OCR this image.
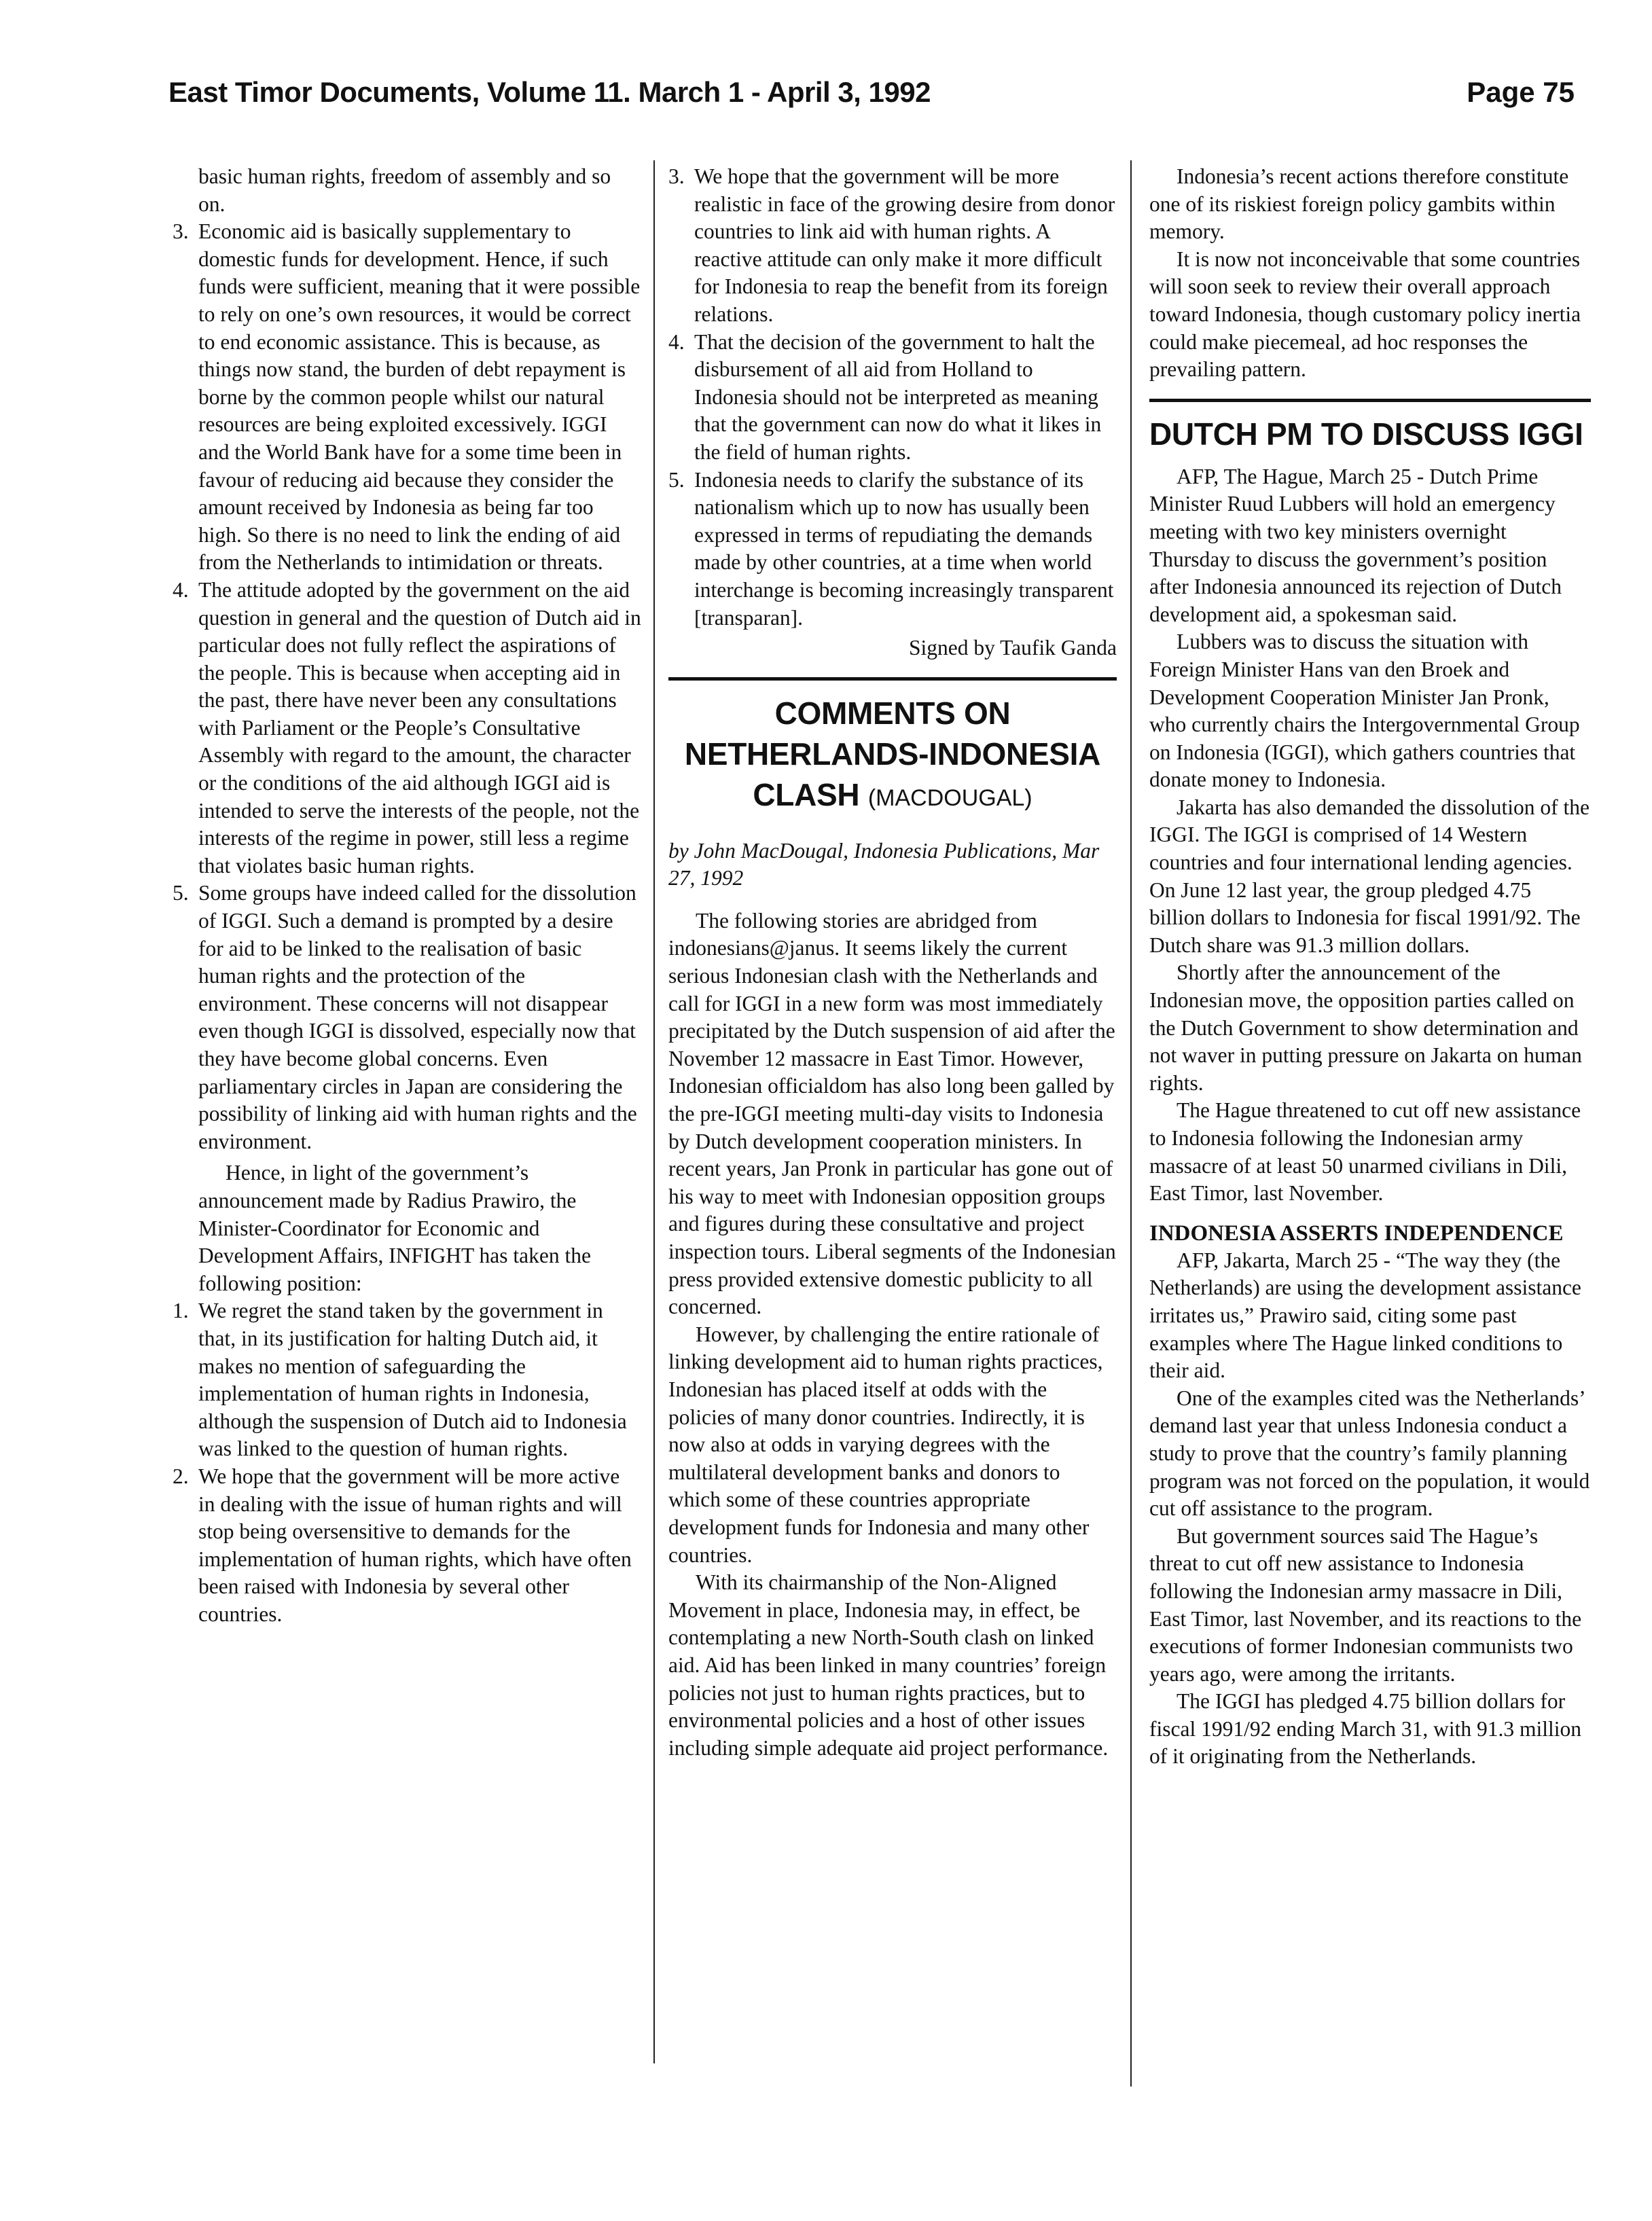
East Timor Documents, Volume 11. March 1 - April 3, 1992	Page 75

basic human rights, freedom of assembly and so on.

3. Economic aid is basically supplementary to domestic funds for development. Hence, if such funds were sufficient, meaning that it were possible to rely on one’s own resources, it would be correct to end economic assistance. This is because, as things now stand, the burden of debt repayment is borne by the common people whilst our natural resources are being exploited excessively. IGGI and the World Bank have for a some time been in favour of reducing aid because they consider the amount received by Indonesia as being far too high. So there is no need to link the ending of aid from the Netherlands to intimidation or threats.
4. The attitude adopted by the government on the aid question in general and the question of Dutch aid in particular does not fully reflect the aspirations of the people. This is because when accepting aid in the past, there have never been any consultations with Parliament or the People’s Consultative Assembly with regard to the amount, the character or the conditions of the aid although IGGI aid is intended to serve the interests of the people, not the interests of the regime in power, still less a regime that violates basic human rights.
5. Some groups have indeed called for the dissolution of IGGI. Such a demand is prompted by a desire for aid to be linked to the realisation of basic human rights and the protection of the environment. These concerns will not disappear even though IGGI is dissolved, especially now that they have become global concerns. Even parliamentary circles in Japan are considering the possibility of linking aid with human rights and the environment.

Hence, in light of the government’s announcement made by Radius Prawiro, the Minister-Coordinator for Economic and Development Affairs, INFIGHT has taken the following position:

1. We regret the stand taken by the government in that, in its justification for halting Dutch aid, it makes no mention of safeguarding the implementation of human rights in Indonesia, although the suspension of Dutch aid to Indonesia was linked to the question of human rights.
2. We hope that the government will be more active in dealing with the issue of human rights and will stop being oversensitive to demands for the implementation of human rights, which have often been raised with Indonesia by several other countries.
3. We hope that the government will be more realistic in face of the growing desire from donor countries to link aid with human rights. A reactive attitude can only make it more difficult for Indonesia to reap the benefit from its foreign relations.
4. That the decision of the government to halt the disbursement of all aid from Holland to Indonesia should not be interpreted as meaning that the government can now do what it likes in the field of human rights.
5. Indonesia needs to clarify the substance of its nationalism which up to now has usually been expressed in terms of repudiating the demands made by other countries, at a time when world interchange is becoming increasingly transparent [transparan].

Signed by Taufik Ganda

COMMENTS ON
NETHERLANDS-INDONESIA
CLASH (MACDOUGAL)

by John MacDougal, Indonesia Publications, Mar 27, 1992

The following stories are abridged from indonesians@janus. It seems likely the current serious Indonesian clash with the Netherlands and call for IGGI in a new form was most immediately precipitated by the Dutch suspension of aid after the November 12 massacre in East Timor. However, Indonesian officialdom has also long been galled by the pre-IGGI meeting multi-day visits to Indonesia by Dutch development cooperation ministers. In recent years, Jan Pronk in particular has gone out of his way to meet with Indonesian opposition groups and figures during these consultative and project inspection tours. Liberal segments of the Indonesian press provided extensive domestic publicity to all concerned.

However, by challenging the entire rationale of linking development aid to human rights practices, Indonesian has placed itself at odds with the policies of many donor countries. Indirectly, it is now also at odds in varying degrees with the multilateral development banks and donors to which some of these countries appropriate development funds for Indonesia and many other countries.

With its chairmanship of the Non-Aligned Movement in place, Indonesia may, in effect, be contemplating a new North-South clash on linked aid. Aid has been linked in many countries’ foreign policies not just to human rights practices, but to environmental policies and a host of other issues including simple adequate aid project performance.

Indonesia’s recent actions therefore constitute one of its riskiest foreign policy gambits within memory.

It is now not inconceivable that some countries will soon seek to review their overall approach toward Indonesia, though customary policy inertia could make piecemeal, ad hoc responses the prevailing pattern.

DUTCH PM TO DISCUSS IGGI

AFP, The Hague, March 25 - Dutch Prime Minister Ruud Lubbers will hold an emergency meeting with two key ministers overnight Thursday to discuss the government’s position after Indonesia announced its rejection of Dutch development aid, a spokesman said.

Lubbers was to discuss the situation with Foreign Minister Hans van den Broek and Development Cooperation Minister Jan Pronk, who currently chairs the Intergovernmental Group on Indonesia (IGGI), which gathers countries that donate money to Indonesia.

Jakarta has also demanded the dissolution of the IGGI. The IGGI is comprised of 14 Western countries and four international lending agencies. On June 12 last year, the group pledged 4.75 billion dollars to Indonesia for fiscal 1991/92. The Dutch share was 91.3 million dollars.

Shortly after the announcement of the Indonesian move, the opposition parties called on the Dutch Government to show determination and not waver in putting pressure on Jakarta on human rights.

The Hague threatened to cut off new assistance to Indonesia following the Indonesian army massacre of at least 50 unarmed civilians in Dili, East Timor, last November.

INDONESIA ASSERTS INDEPENDENCE

AFP, Jakarta, March 25 - “The way they (the Netherlands) are using the development assistance irritates us,” Prawiro said, citing some past examples where The Hague linked conditions to their aid.

One of the examples cited was the Netherlands’ demand last year that unless Indonesia conduct a study to prove that the country’s family planning program was not forced on the population, it would cut off assistance to the program.

But government sources said The Hague’s threat to cut off new assistance to Indonesia following the Indonesian army massacre in Dili, East Timor, last November, and its reactions to the executions of former Indonesian communists two years ago, were among the irritants.

The IGGI has pledged 4.75 billion dollars for fiscal 1991/92 ending March 31, with 91.3 million of it originating from the Netherlands.
